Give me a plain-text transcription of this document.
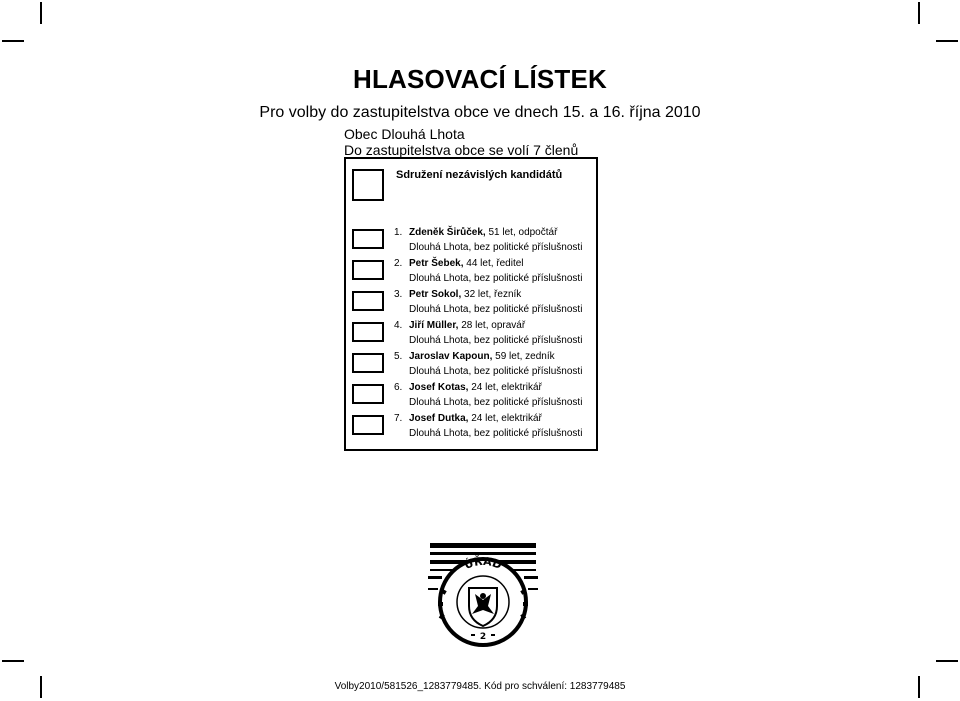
HLASOVACÍ LÍSTEK
Pro volby do zastupitelstva obce ve dnech 15. a 16. října 2010
Obec Dlouhá Lhota
Do zastupitelstva obce se volí 7 členů
Sdružení nezávislých kandidátů
1. Zdeněk Širůček, 51 let, odpočtář
Dlouhá Lhota, bez politické příslušnosti
2. Petr Šebek, 44 let, ředitel
Dlouhá Lhota, bez politické příslušnosti
3. Petr Sokol, 32 let, řezník
Dlouhá Lhota, bez politické příslušnosti
4. Jiří Müller, 28 let, opravář
Dlouhá Lhota, bez politické příslušnosti
5. Jaroslav Kapoun, 59 let, zedník
Dlouhá Lhota, bez politické příslušnosti
6. Josef Kotas, 24 let, elektrikář
Dlouhá Lhota, bez politické příslušnosti
7. Josef Dutka, 24 let, elektrikář
Dlouhá Lhota, bez politické příslušnosti
ÚŘAD
2
Volby2010/581526_1283779485. Kód pro schválení: 1283779485
